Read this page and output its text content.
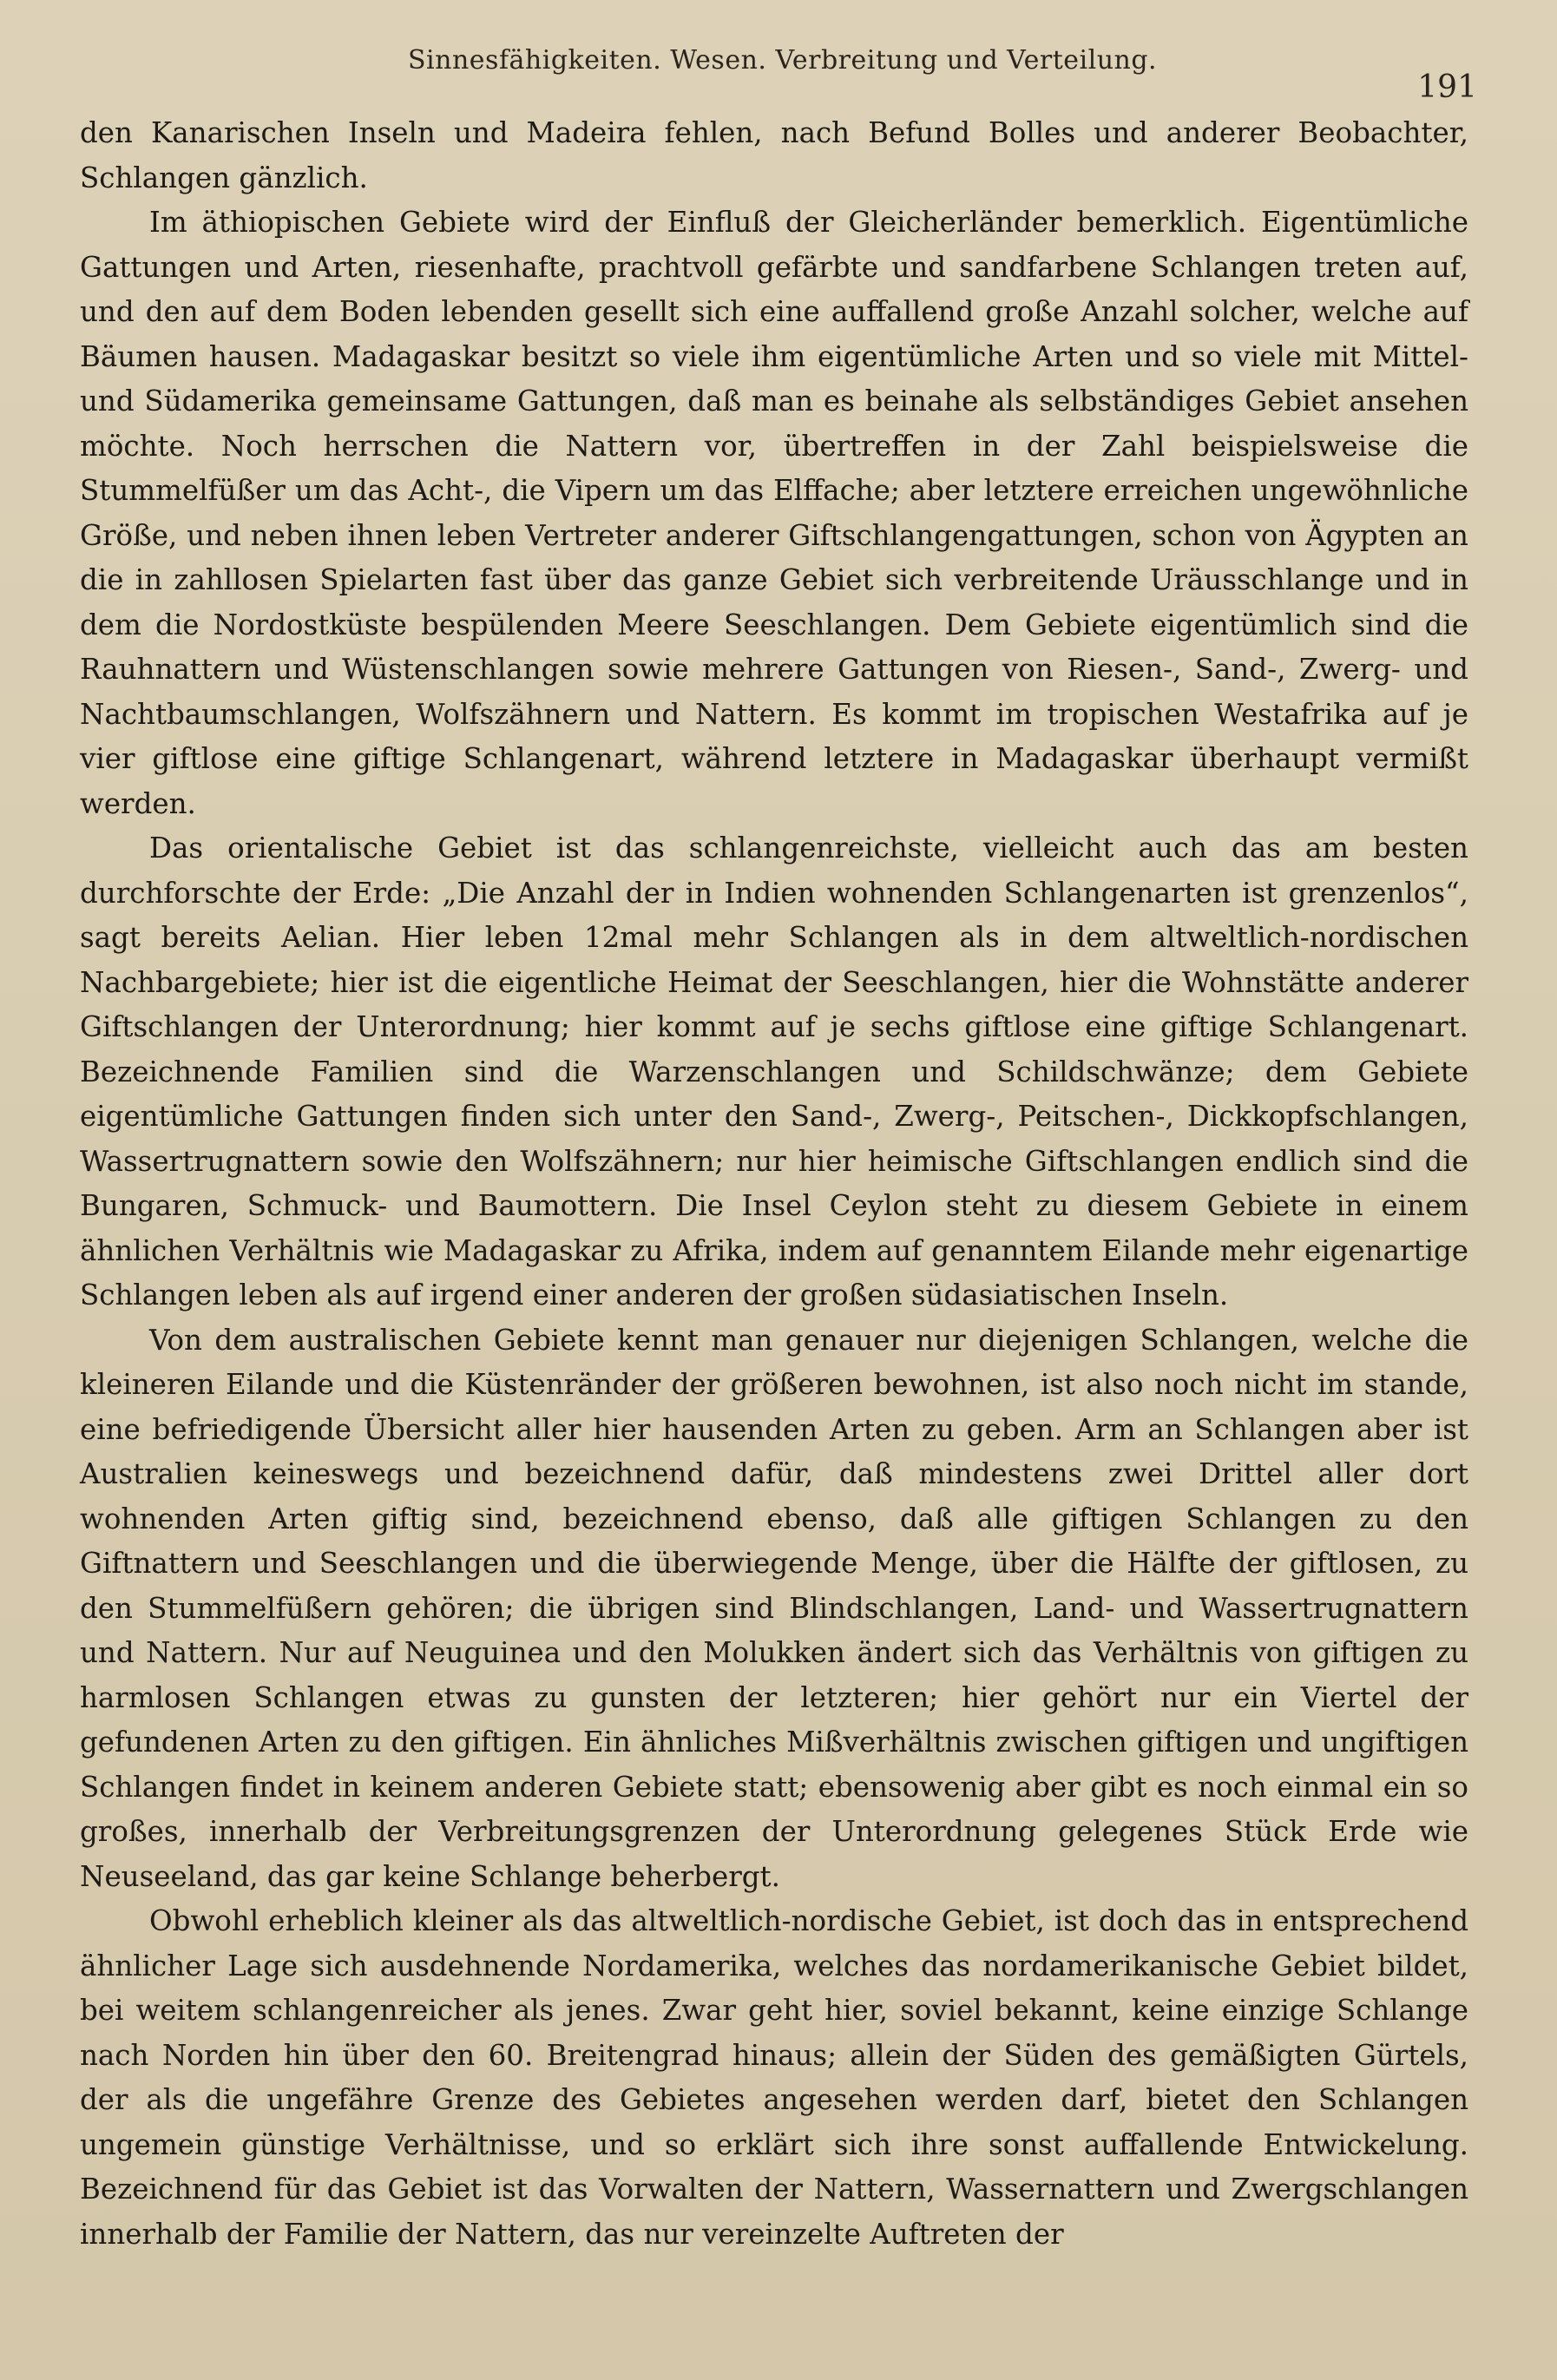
Sinnesfähigkeiten. Wesen. Verbreitung und Verteilung.
191

den Kanarischen Inseln und Madeira fehlen, nach Befund Bolles und anderer Beobachter, Schlangen gänzlich.

Im äthiopischen Gebiete wird der Einfluß der Gleicherländer bemerklich. Eigentümliche Gattungen und Arten, riesenhafte, prachtvoll gefärbte und sandfarbene Schlangen treten auf, und den auf dem Boden lebenden gesellt sich eine auffallend große Anzahl solcher, welche auf Bäumen hausen. Madagaskar besitzt so viele ihm eigentümliche Arten und so viele mit Mittel- und Südamerika gemeinsame Gattungen, daß man es beinahe als selbständiges Gebiet ansehen möchte. Noch herrschen die Nattern vor, übertreffen in der Zahl beispielsweise die Stummelfüßer um das Acht-, die Vipern um das Elffache; aber letztere erreichen ungewöhnliche Größe, und neben ihnen leben Vertreter anderer Giftschlangengattungen, schon von Ägypten an die in zahllosen Spielarten fast über das ganze Gebiet sich verbreitende Uräusschlange und in dem die Nordostküste bespülenden Meere Seeschlangen. Dem Gebiete eigentümlich sind die Rauhnattern und Wüstenschlangen sowie mehrere Gattungen von Riesen-, Sand-, Zwerg- und Nachtbaumschlangen, Wolfszähnern und Nattern. Es kommt im tropischen Westafrika auf je vier giftlose eine giftige Schlangenart, während letztere in Madagaskar überhaupt vermißt werden.

Das orientalische Gebiet ist das schlangenreichste, vielleicht auch das am besten durchforschte der Erde: „Die Anzahl der in Indien wohnenden Schlangenarten ist grenzenlos“, sagt bereits Aelian. Hier leben 12mal mehr Schlangen als in dem altweltlich-nordischen Nachbargebiete; hier ist die eigentliche Heimat der Seeschlangen, hier die Wohnstätte anderer Giftschlangen der Unterordnung; hier kommt auf je sechs giftlose eine giftige Schlangenart. Bezeichnende Familien sind die Warzenschlangen und Schildschwänze; dem Gebiete eigentümliche Gattungen finden sich unter den Sand-, Zwerg-, Peitschen-, Dickkopfschlangen, Wassertrugnattern sowie den Wolfszähnern; nur hier heimische Giftschlangen endlich sind die Bungaren, Schmuck- und Baumottern. Die Insel Ceylon steht zu diesem Gebiete in einem ähnlichen Verhältnis wie Madagaskar zu Afrika, indem auf genanntem Eilande mehr eigenartige Schlangen leben als auf irgend einer anderen der großen südasiatischen Inseln.

Von dem australischen Gebiete kennt man genauer nur diejenigen Schlangen, welche die kleineren Eilande und die Küstenränder der größeren bewohnen, ist also noch nicht im stande, eine befriedigende Übersicht aller hier hausenden Arten zu geben. Arm an Schlangen aber ist Australien keineswegs und bezeichnend dafür, daß mindestens zwei Drittel aller dort wohnenden Arten giftig sind, bezeichnend ebenso, daß alle giftigen Schlangen zu den Giftnattern und Seeschlangen und die überwiegende Menge, über die Hälfte der giftlosen, zu den Stummelfüßern gehören; die übrigen sind Blindschlangen, Land- und Wassertrugnattern und Nattern. Nur auf Neuguinea und den Molukken ändert sich das Verhältnis von giftigen zu harmlosen Schlangen etwas zu gunsten der letzteren; hier gehört nur ein Viertel der gefundenen Arten zu den giftigen. Ein ähnliches Mißverhältnis zwischen giftigen und ungiftigen Schlangen findet in keinem anderen Gebiete statt; ebensowenig aber gibt es noch einmal ein so großes, innerhalb der Verbreitungsgrenzen der Unterordnung gelegenes Stück Erde wie Neuseeland, das gar keine Schlange beherbergt.

Obwohl erheblich kleiner als das altweltlich-nordische Gebiet, ist doch das in entsprechend ähnlicher Lage sich ausdehnende Nordamerika, welches das nordamerikanische Gebiet bildet, bei weitem schlangenreicher als jenes. Zwar geht hier, soviel bekannt, keine einzige Schlange nach Norden hin über den 60. Breitengrad hinaus; allein der Süden des gemäßigten Gürtels, der als die ungefähre Grenze des Gebietes angesehen werden darf, bietet den Schlangen ungemein günstige Verhältnisse, und so erklärt sich ihre sonst auffallende Entwickelung. Bezeichnend für das Gebiet ist das Vorwalten der Nattern, Wassernattern und Zwergschlangen innerhalb der Familie der Nattern, das nur vereinzelte Auftreten der
